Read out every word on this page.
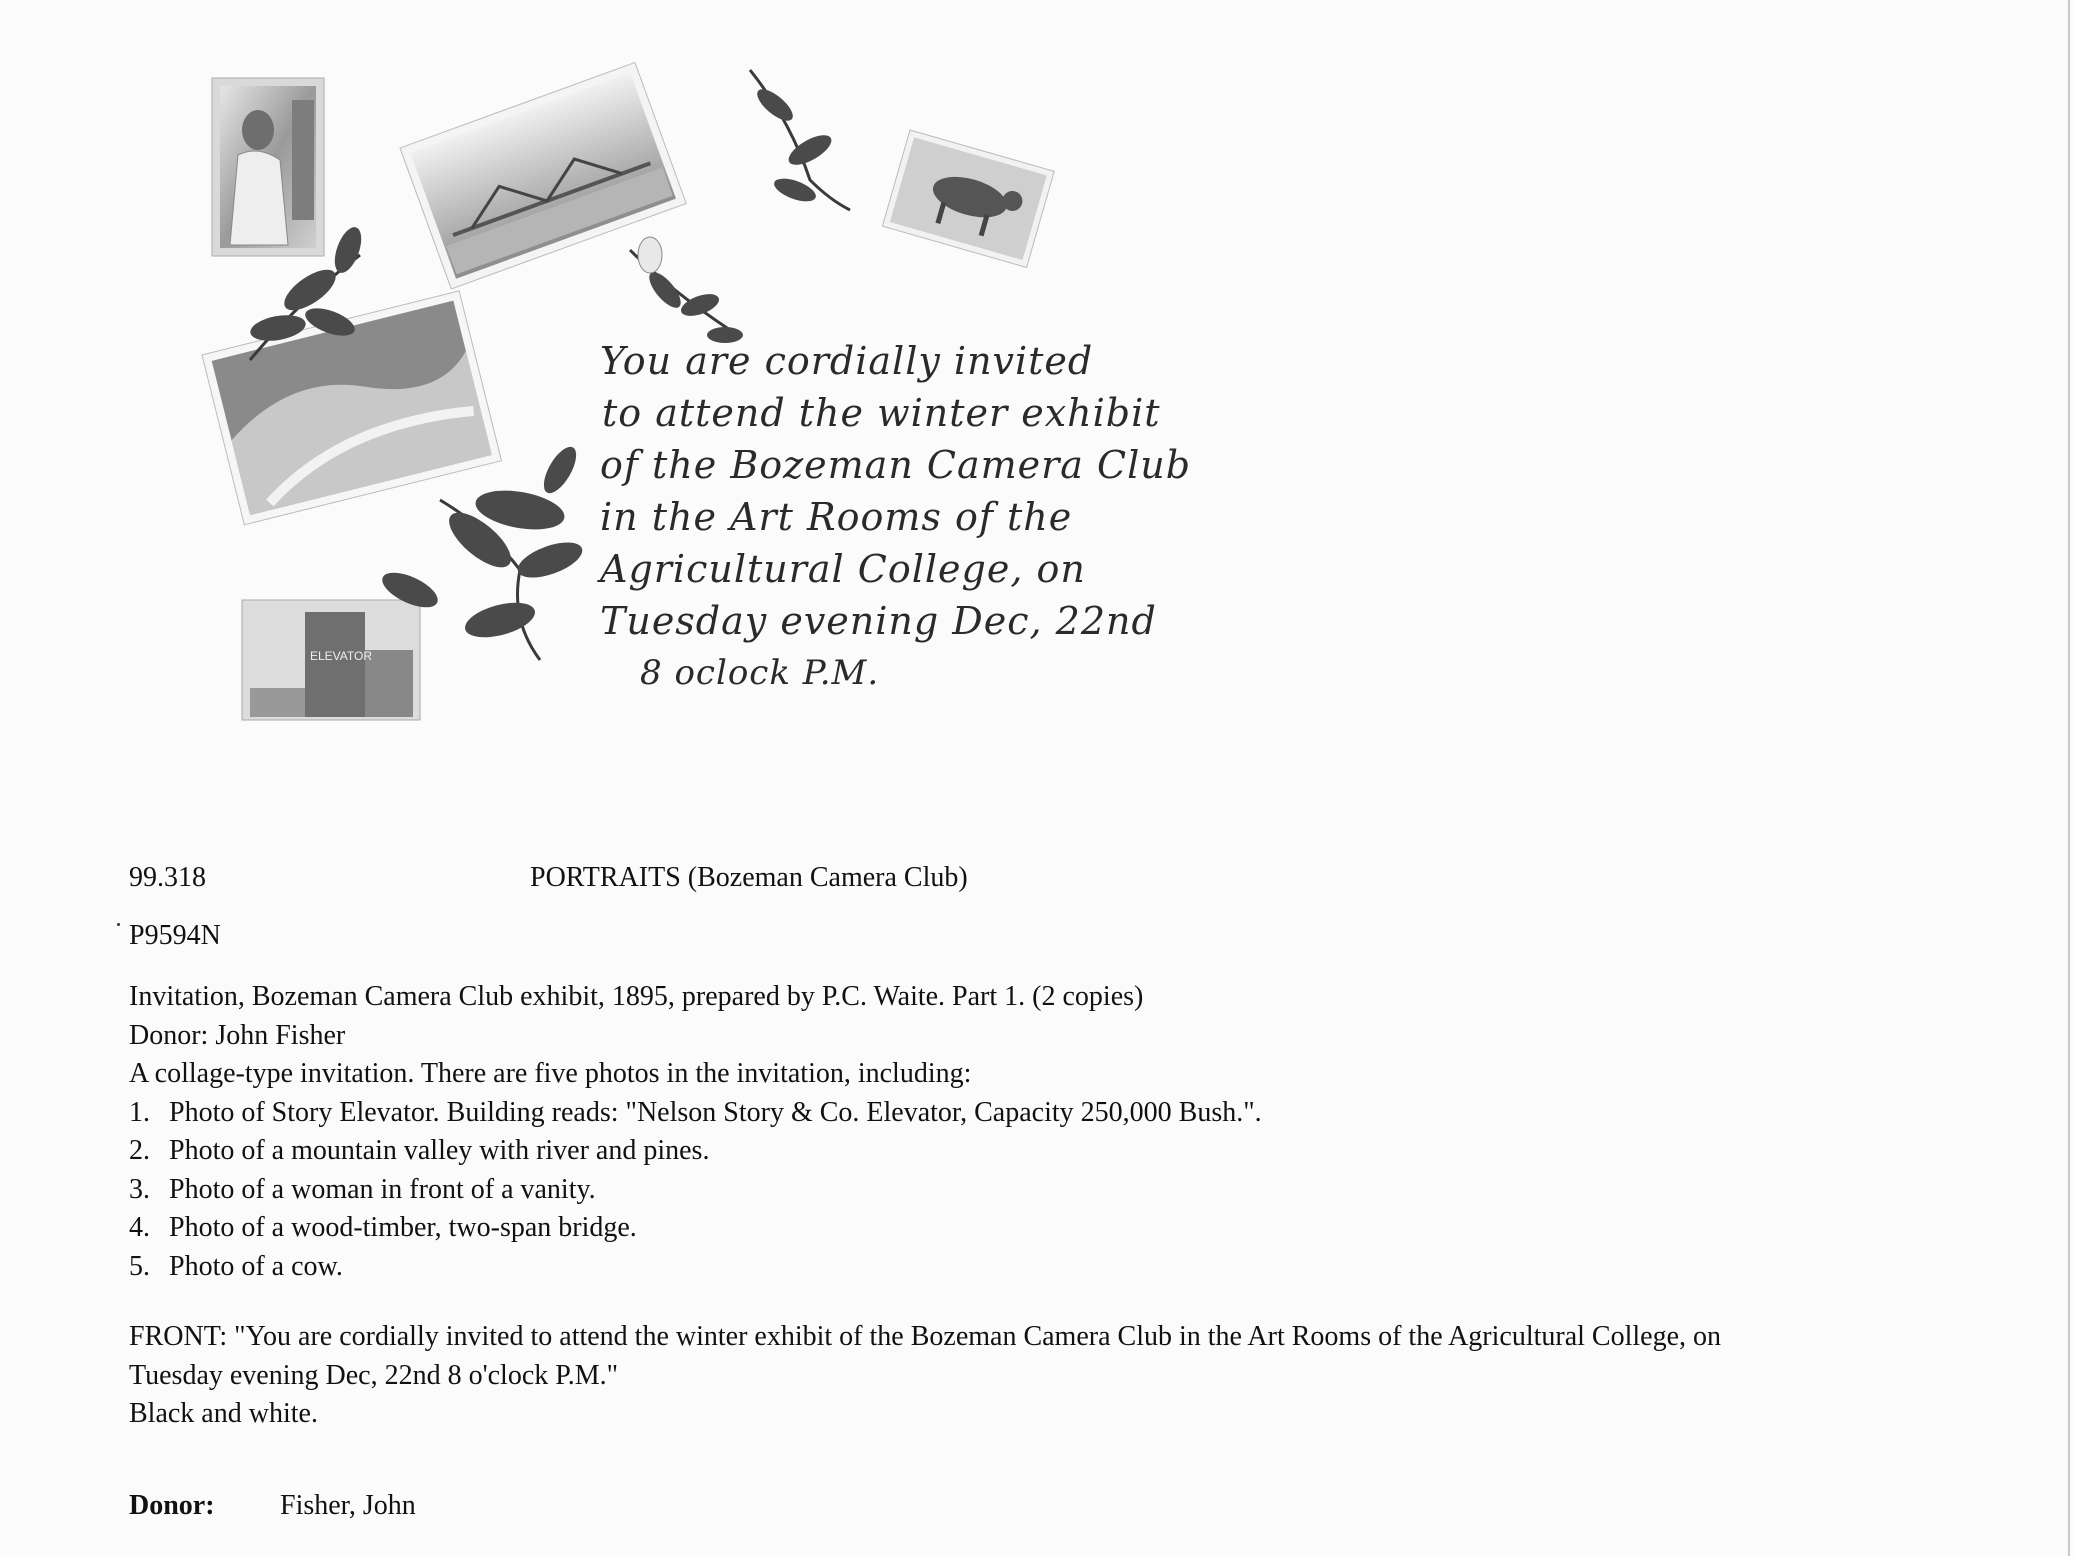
ELEVATOR
You are cordially invited
to attend the winter exhibit
of the Bozeman Camera Club
in the Art Rooms of the
Agricultural College, on
Tuesday evening Dec, 22nd
8 oclock P.M.
99.318	PORTRAITS (Bozeman Camera Club)
P9594N
Invitation, Bozeman Camera Club exhibit, 1895, prepared by P.C. Waite. Part 1. (2 copies)
Donor: John Fisher
A collage-type invitation. There are five photos in the invitation, including:
1. Photo of Story Elevator. Building reads: "Nelson Story & Co. Elevator, Capacity 250,000 Bush.".
2. Photo of a mountain valley with river and pines.
3. Photo of a woman in front of a vanity.
4. Photo of a wood-timber, two-span bridge.
5. Photo of a cow.
FRONT: "You are cordially invited to attend the winter exhibit of the Bozeman Camera Club in the Art Rooms of the Agricultural College, on
Tuesday evening Dec, 22nd 8 o'clock P.M."
Black and white.
Donor: Fisher, John
